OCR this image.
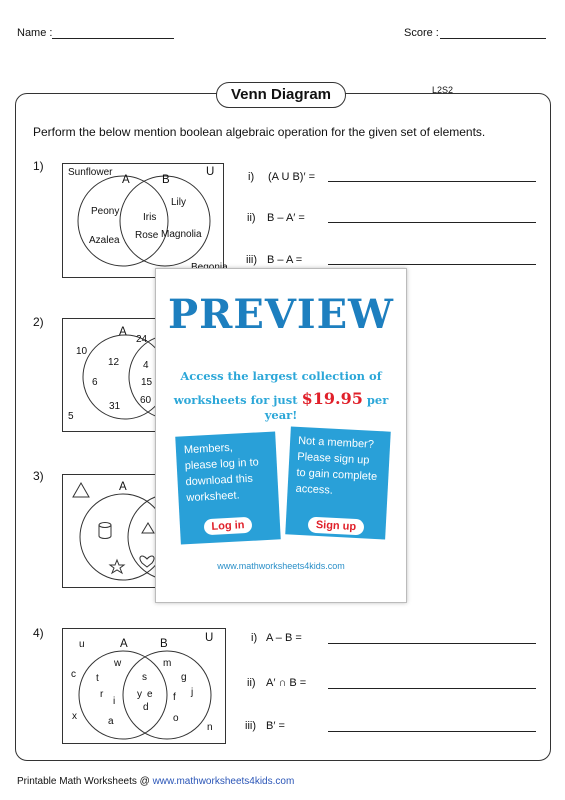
Name :	Score :
Venn Diagram	L2S2
Perform the below mention boolean algebraic operation for the given set of elements.
1) Sunflower
A	B
U
Peony
Azalea
Iris
Rose
Lily
Magnolia
i) (A U B)′ =
ii) B – A′ =
iii) B – A =
2)
A
24
10
12 4
6	15
31
60
5
3)
A
4)
u	A	B	U
w	m
c t	s	g
r
i
y e f j
d
x	a	o
n
i) A – B =
ii) A′ ∩ B =
iii) B′ =
PREVIEW
Access the largest collection of
worksheets for just $19.95 per year!
Members, please log in to download this worksheet.
Log in
Not a member? Please sign up to gain complete access.
Sign up
www.mathworksheets4kids.com
Printable Math Worksheets @ www.mathworksheets4kids.com
